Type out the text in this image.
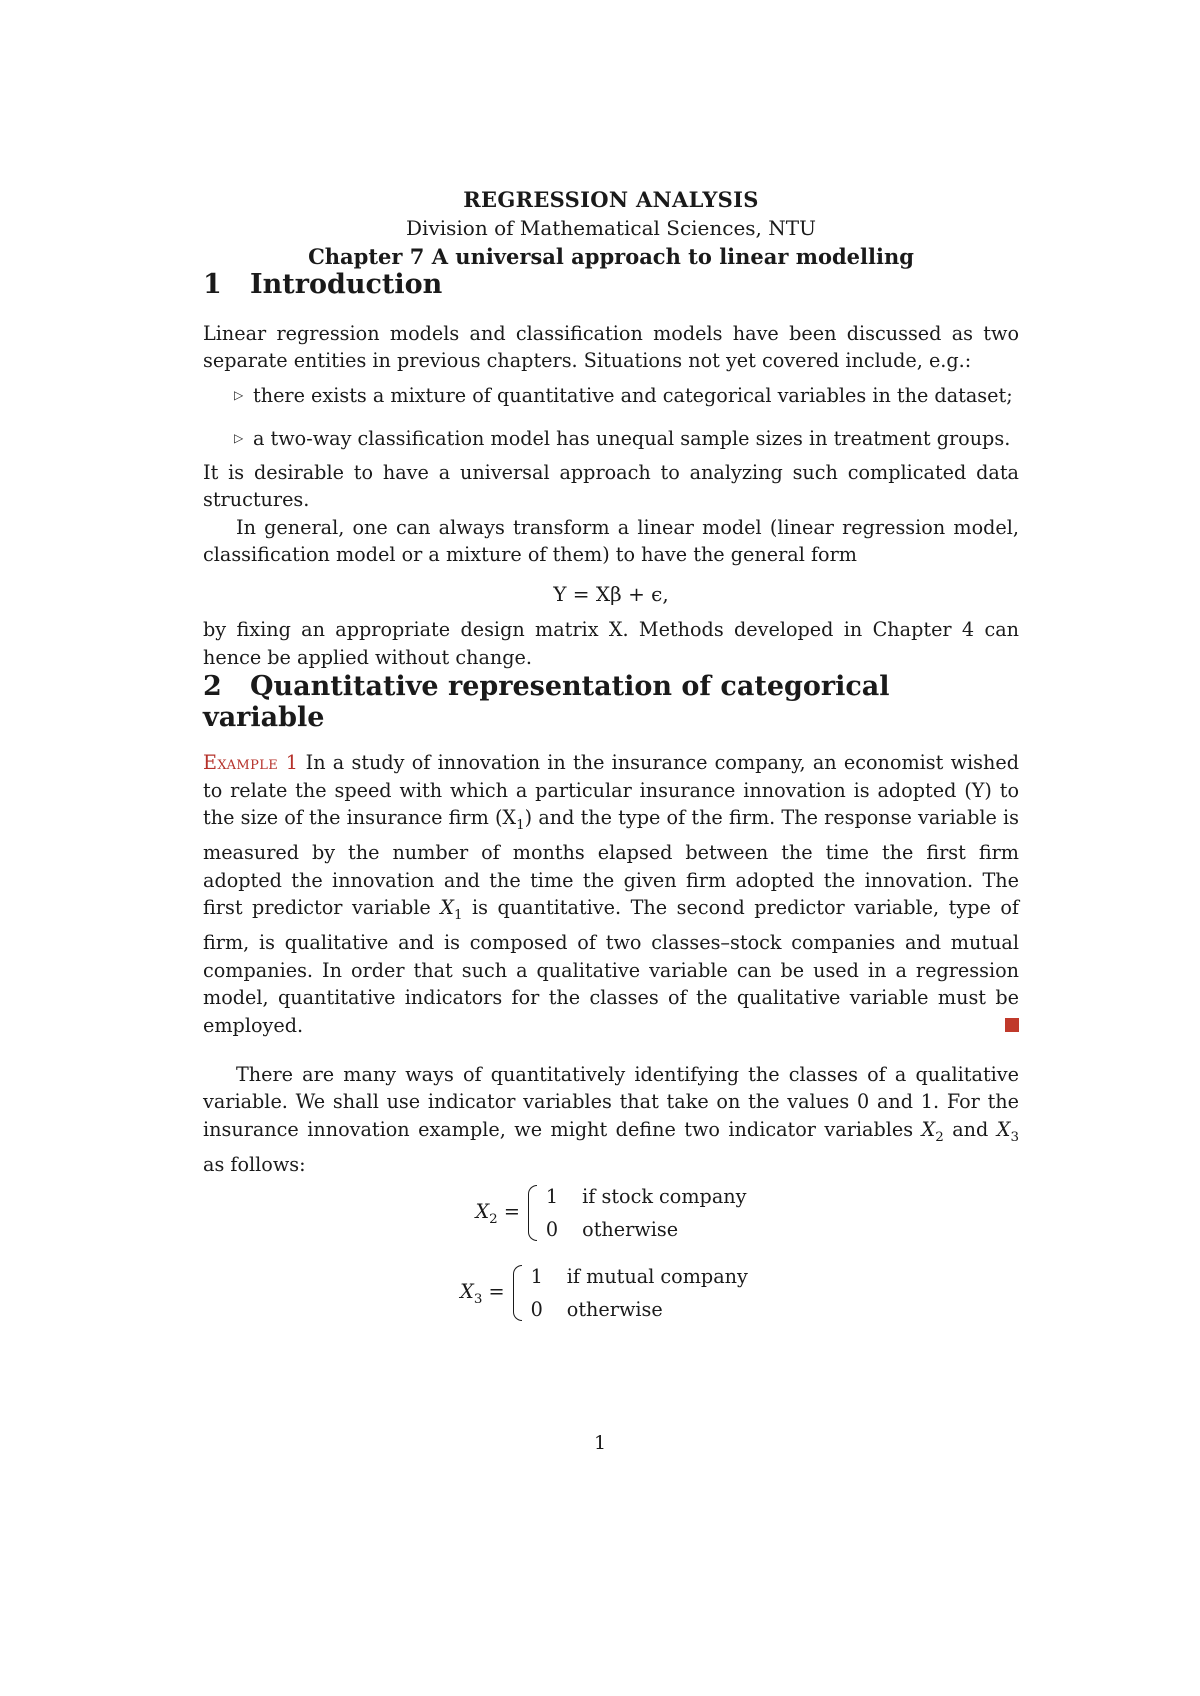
REGRESSION ANALYSIS
Division of Mathematical Sciences, NTU
Chapter 7 A universal approach to linear modelling
1 Introduction

Linear regression models and classification models have been discussed as two separate entities in previous chapters. Situations not yet covered include, e.g.:

▷ there exists a mixture of quantitative and categorical variables in the dataset;
▷ a two-way classification model has unequal sample sizes in treatment groups.

It is desirable to have a universal approach to analyzing such complicated data structures.

In general, one can always transform a linear model (linear regression model, classification model or a mixture of them) to have the general form

Y = Xβ + ϵ,

by fixing an appropriate design matrix X. Methods developed in Chapter 4 can hence be applied without change.

2 Quantitative representation of categorical variable

Example 1 In a study of innovation in the insurance company, an economist wished to relate the speed with which a particular insurance innovation is adopted (Y) to the size of the insurance firm $(X_1)$ and the type of the firm. The response variable is measured by the number of months elapsed between the time the first firm adopted the innovation and the time the given firm adopted the innovation. The first predictor variable $X_1$ is quantitative. The second predictor variable, type of firm, is qualitative and is composed of two classes–stock companies and mutual companies. In order that such a qualitative variable can be used in a regression model, quantitative indicators for the classes of the qualitative variable must be employed.

There are many ways of quantitatively identifying the classes of a qualitative variable. We shall use indicator variables that take on the values 0 and 1. For the insurance innovation example, we might define two indicator variables $X_2$ and $X_3$ as follows:

$X_2$ =
1	if stock company
0	otherwise
$X_3$ =
1	if mutual company
0	otherwise
1
